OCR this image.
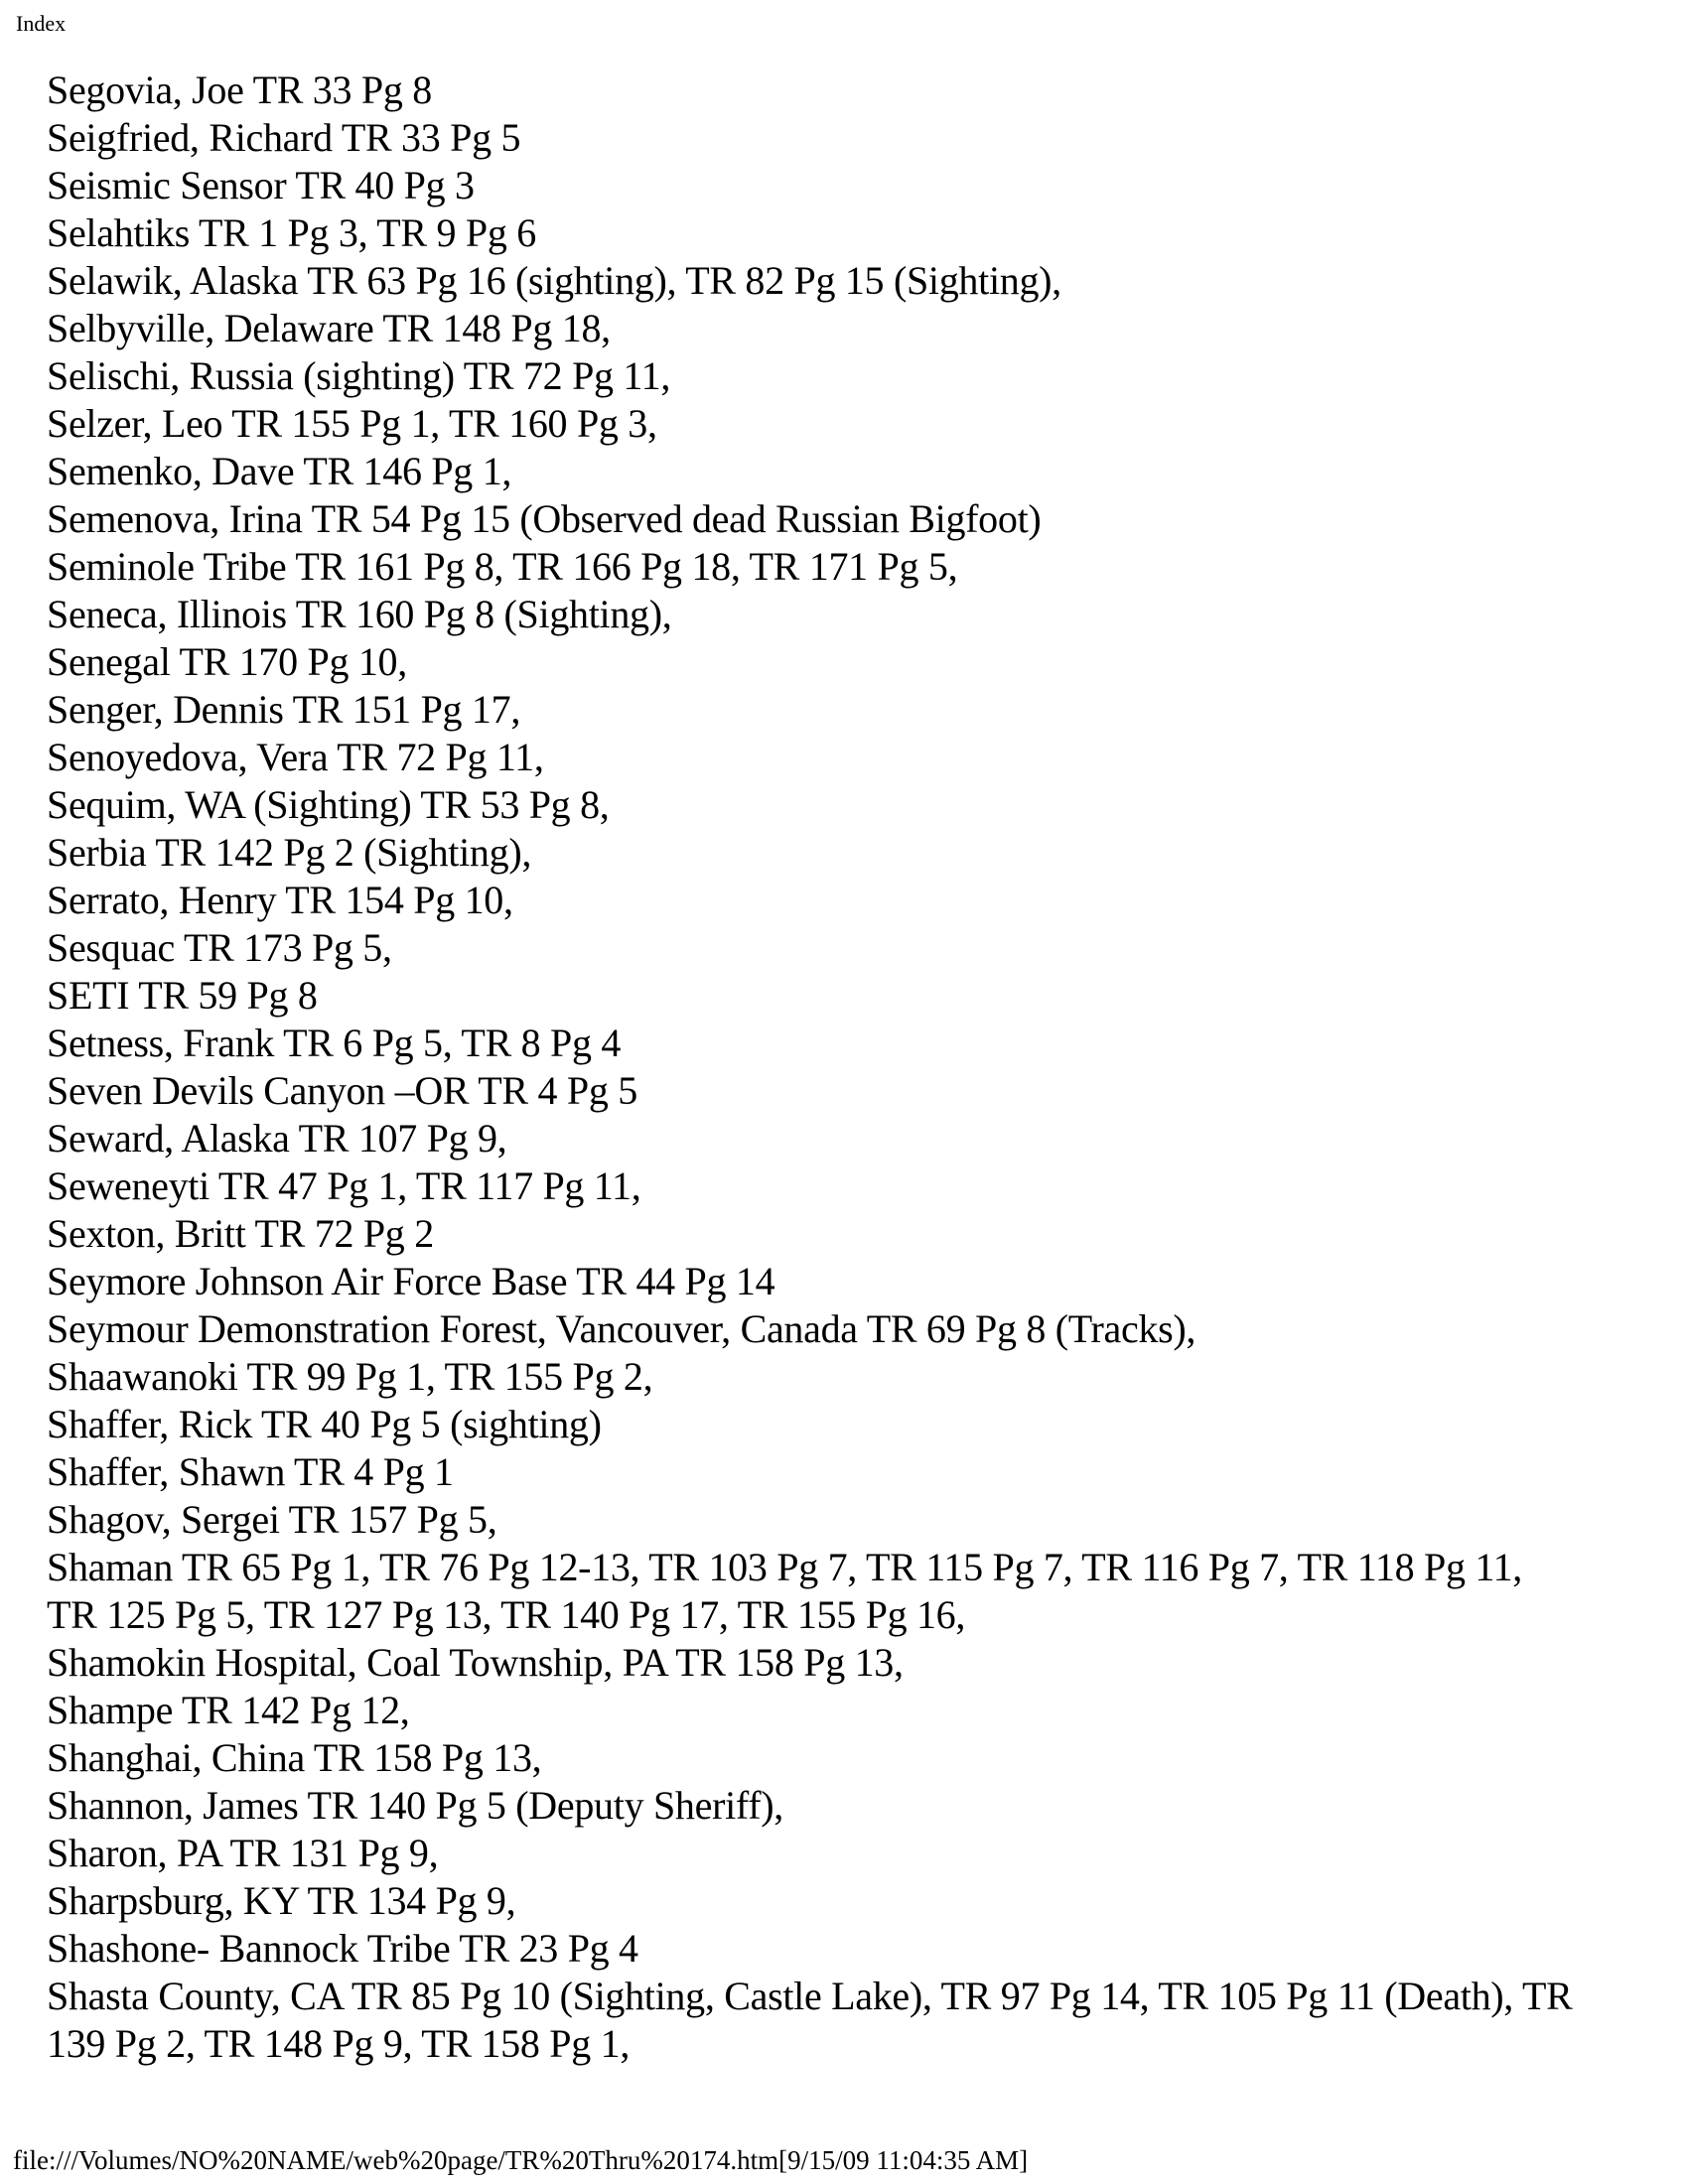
Index
Segovia, Joe TR 33 Pg 8
Seigfried, Richard TR 33 Pg 5
Seismic Sensor TR 40 Pg 3
Selahtiks TR 1 Pg 3, TR 9 Pg 6
Selawik, Alaska TR 63 Pg 16 (sighting), TR 82 Pg 15 (Sighting),
Selbyville, Delaware TR 148 Pg 18,
Selischi, Russia (sighting) TR 72 Pg 11,
Selzer, Leo TR 155 Pg 1, TR 160 Pg 3,
Semenko, Dave TR 146 Pg 1,
Semenova, Irina TR 54 Pg 15 (Observed dead Russian Bigfoot)
Seminole Tribe TR 161 Pg 8, TR 166 Pg 18, TR 171 Pg 5,
Seneca, Illinois TR 160 Pg 8 (Sighting),
Senegal TR 170 Pg 10,
Senger, Dennis TR 151 Pg 17,
Senoyedova, Vera TR 72 Pg 11,
Sequim, WA (Sighting) TR 53 Pg 8,
Serbia TR 142 Pg 2 (Sighting),
Serrato, Henry TR 154 Pg 10,
Sesquac TR 173 Pg 5,
SETI TR 59 Pg 8
Setness, Frank TR 6 Pg 5, TR 8 Pg 4
Seven Devils Canyon –OR TR 4 Pg 5
Seward, Alaska TR 107 Pg 9,
Seweneyti TR 47 Pg 1, TR 117 Pg 11,
Sexton, Britt TR 72 Pg 2
Seymore Johnson Air Force Base TR 44 Pg 14
Seymour Demonstration Forest, Vancouver, Canada TR 69 Pg 8 (Tracks),
Shaawanoki TR 99 Pg 1, TR 155 Pg 2,
Shaffer, Rick TR 40 Pg 5 (sighting)
Shaffer, Shawn TR 4 Pg 1
Shagov, Sergei TR 157 Pg 5,
Shaman TR 65 Pg 1, TR 76 Pg 12-13, TR 103 Pg 7, TR 115 Pg 7, TR 116 Pg 7, TR 118 Pg 11,
TR 125 Pg 5, TR 127 Pg 13, TR 140 Pg 17, TR 155 Pg 16,
Shamokin Hospital, Coal Township, PA TR 158 Pg 13,
Shampe TR 142 Pg 12,
Shanghai, China TR 158 Pg 13,
Shannon, James TR 140 Pg 5 (Deputy Sheriff),
Sharon, PA TR 131 Pg 9,
Sharpsburg, KY TR 134 Pg 9,
Shashone- Bannock Tribe TR 23 Pg 4
Shasta County, CA TR 85 Pg 10 (Sighting, Castle Lake), TR 97 Pg 14, TR 105 Pg 11 (Death), TR
139 Pg 2, TR 148 Pg 9, TR 158 Pg 1,
file:///Volumes/NO%20NAME/web%20page/TR%20Thru%20174.htm[9/15/09 11:04:35 AM]
